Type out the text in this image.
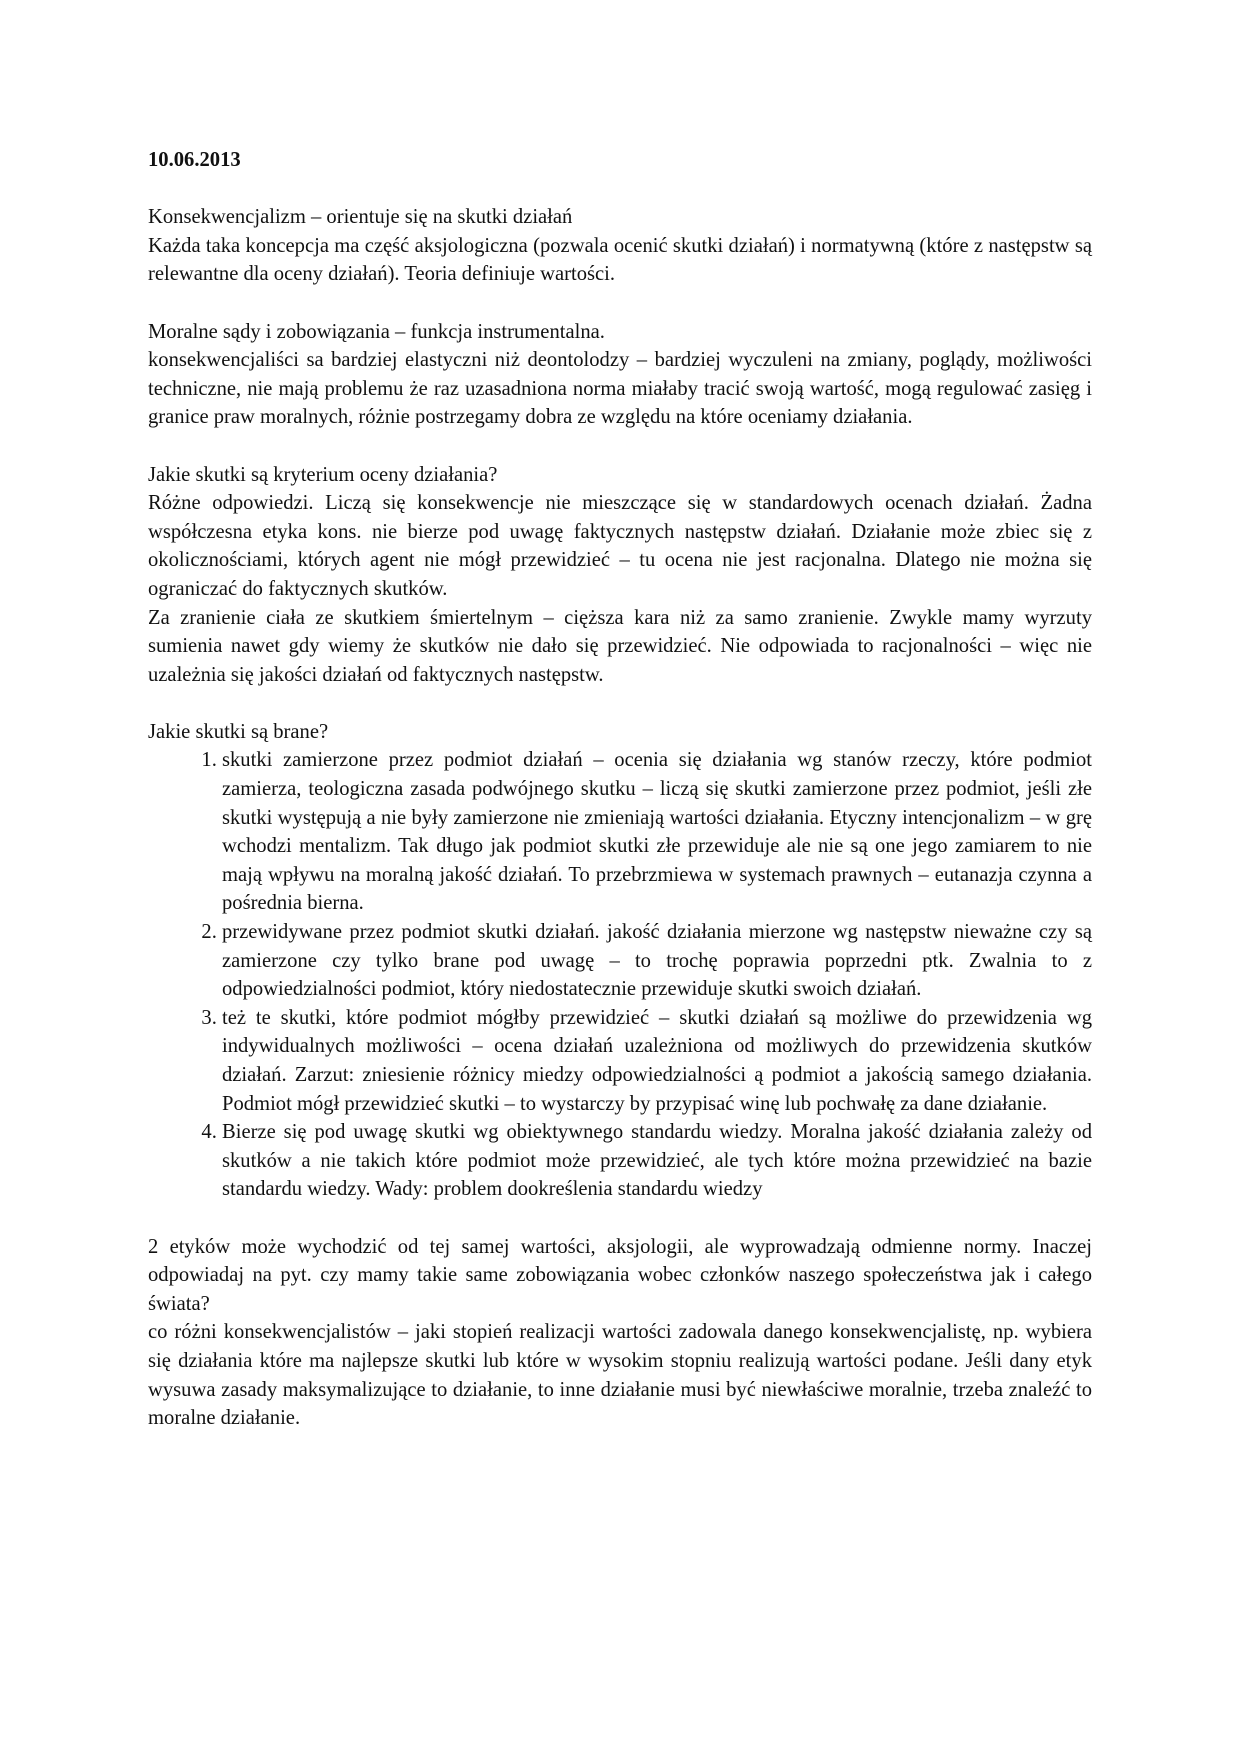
10.06.2013

Konsekwencjalizm – orientuje się na skutki działań

Każda taka koncepcja ma część aksjologiczna (pozwala ocenić skutki działań) i normatywną (które z następstw są relewantne dla oceny działań). Teoria definiuje wartości.

Moralne sądy i zobowiązania – funkcja instrumentalna.

konsekwencjaliści sa bardziej elastyczni niż deontolodzy – bardziej wyczuleni na zmiany, poglądy, możliwości techniczne, nie mają problemu że raz uzasadniona norma miałaby tracić swoją wartość, mogą regulować zasięg i granice praw moralnych, różnie postrzegamy dobra ze względu na które oceniamy działania.

Jakie skutki są kryterium oceny działania?

Różne odpowiedzi. Liczą się konsekwencje nie mieszczące się w standardowych ocenach działań. Żadna współczesna etyka kons. nie bierze pod uwagę faktycznych następstw działań. Działanie może zbiec się z okolicznościami, których agent nie mógł przewidzieć – tu ocena nie jest racjonalna. Dlatego nie można się ograniczać do faktycznych skutków.

Za zranienie ciała ze skutkiem śmiertelnym – cięższa kara niż za samo zranienie. Zwykle mamy wyrzuty sumienia nawet gdy wiemy że skutków nie dało się przewidzieć. Nie odpowiada to racjonalności – więc nie uzależnia się jakości działań od faktycznych następstw.

Jakie skutki są brane?

1. skutki zamierzone przez podmiot działań – ocenia się działania wg stanów rzeczy, które podmiot zamierza, teologiczna zasada podwójnego skutku – liczą się skutki zamierzone przez podmiot, jeśli złe skutki występują a nie były zamierzone nie zmieniają wartości działania. Etyczny intencjonalizm – w grę wchodzi mentalizm. Tak długo jak podmiot skutki złe przewiduje ale nie są one jego zamiarem to nie mają wpływu na moralną jakość działań. To przebrzmiewa w systemach prawnych – eutanazja czynna a pośrednia bierna.
2. przewidywane przez podmiot skutki działań. jakość działania mierzone wg następstw nieważne czy są zamierzone czy tylko brane pod uwagę – to trochę poprawia poprzedni ptk. Zwalnia to z odpowiedzialności podmiot, który niedostatecznie przewiduje skutki swoich działań.
3. też te skutki, które podmiot mógłby przewidzieć – skutki działań są możliwe do przewidzenia wg indywidualnych możliwości – ocena działań uzależniona od możliwych do przewidzenia skutków działań. Zarzut: zniesienie różnicy miedzy odpowiedzialności ą podmiot a jakością samego działania. Podmiot mógł przewidzieć skutki – to wystarczy by przypisać winę lub pochwałę za dane działanie.
4. Bierze się pod uwagę skutki wg obiektywnego standardu wiedzy. Moralna jakość działania zależy od skutków a nie takich które podmiot może przewidzieć, ale tych które można przewidzieć na bazie standardu wiedzy. Wady: problem dookreślenia standardu wiedzy

2 etyków może wychodzić od tej samej wartości, aksjologii, ale wyprowadzają odmienne normy. Inaczej odpowiadaj na pyt. czy mamy takie same zobowiązania wobec członków naszego społeczeństwa jak i całego świata?

co różni konsekwencjalistów – jaki stopień realizacji wartości zadowala danego konsekwencjalistę, np. wybiera się działania które ma najlepsze skutki lub które w wysokim stopniu realizują wartości podane. Jeśli dany etyk wysuwa zasady maksymalizujące to działanie, to inne działanie musi być niewłaściwe moralnie, trzeba znaleźć to moralne działanie.
